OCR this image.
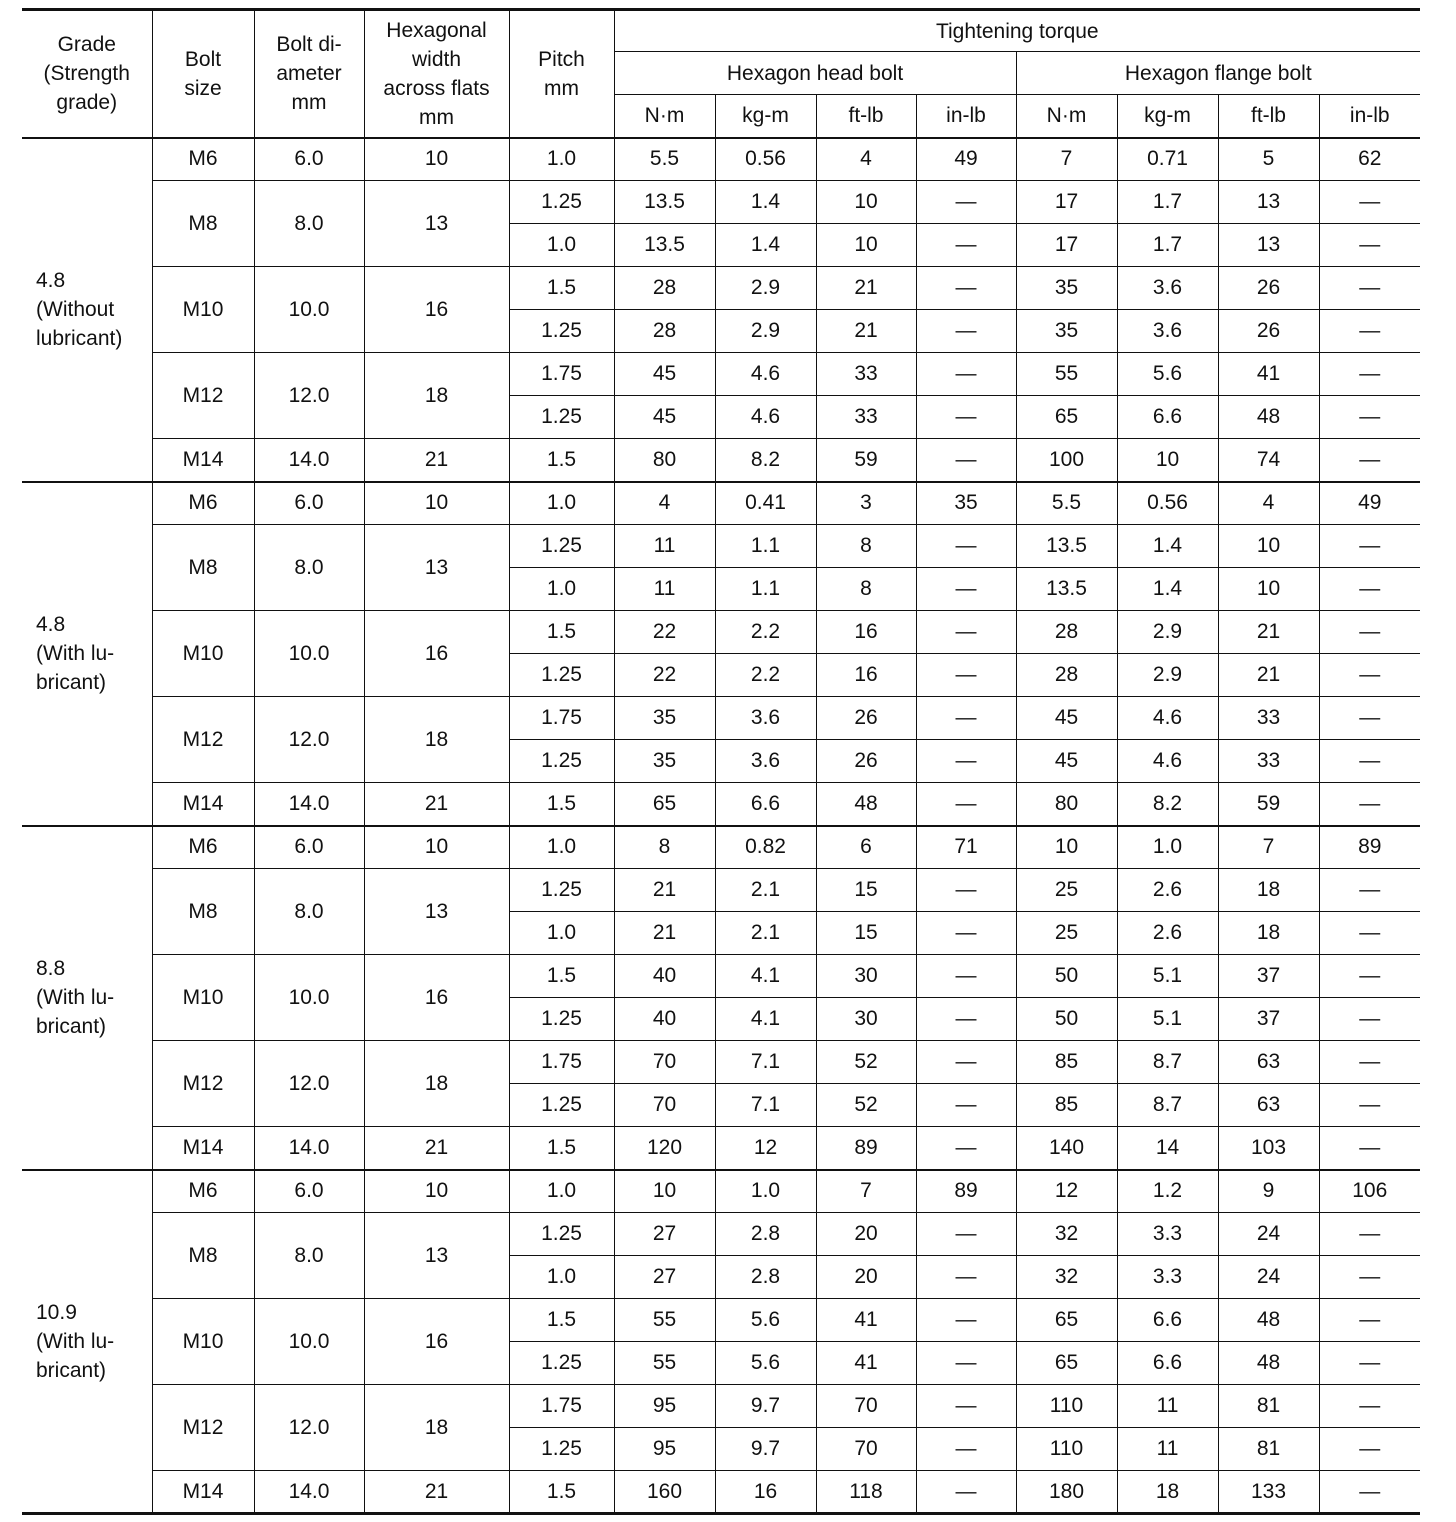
Grade
(Strength
grade)	Bolt
size	Bolt di-
ameter
mm	Hexagonal
width
across flats
mm	Pitch
mm	Tightening torque							
					Hexagon head bolt				Hexagon flange bolt			
					N·m	kg-m	ft-lb	in-lb	N·m	kg-m	ft-lb	in-lb

4.8
(Without
lubricant)	M6	6.0	10	1.0	5.5	0.56	4	49	7	0.71	5	62
	M8	8.0	13	1.25	13.5	1.4	10	—	17	1.7	13	—
				1.0	13.5	1.4	10	—	17	1.7	13	—
	M10	10.0	16	1.5	28	2.9	21	—	35	3.6	26	—
				1.25	28	2.9	21	—	35	3.6	26	—
	M12	12.0	18	1.75	45	4.6	33	—	55	5.6	41	—
				1.25	45	4.6	33	—	65	6.6	48	—
	M14	14.0	21	1.5	80	8.2	59	—	100	10	74	—

4.8
(With lu-
bricant)	M6	6.0	10	1.0	4	0.41	3	35	5.5	0.56	4	49
	M8	8.0	13	1.25	11	1.1	8	—	13.5	1.4	10	—
				1.0	11	1.1	8	—	13.5	1.4	10	—
	M10	10.0	16	1.5	22	2.2	16	—	28	2.9	21	—
				1.25	22	2.2	16	—	28	2.9	21	—
	M12	12.0	18	1.75	35	3.6	26	—	45	4.6	33	—
				1.25	35	3.6	26	—	45	4.6	33	—
	M14	14.0	21	1.5	65	6.6	48	—	80	8.2	59	—

8.8
(With lu-
bricant)	M6	6.0	10	1.0	8	0.82	6	71	10	1.0	7	89
	M8	8.0	13	1.25	21	2.1	15	—	25	2.6	18	—
				1.0	21	2.1	15	—	25	2.6	18	—
	M10	10.0	16	1.5	40	4.1	30	—	50	5.1	37	—
				1.25	40	4.1	30	—	50	5.1	37	—
	M12	12.0	18	1.75	70	7.1	52	—	85	8.7	63	—
				1.25	70	7.1	52	—	85	8.7	63	—
	M14	14.0	21	1.5	120	12	89	—	140	14	103	—

10.9
(With lu-
bricant)	M6	6.0	10	1.0	10	1.0	7	89	12	1.2	9	106
	M8	8.0	13	1.25	27	2.8	20	—	32	3.3	24	—
				1.0	27	2.8	20	—	32	3.3	24	—
	M10	10.0	16	1.5	55	5.6	41	—	65	6.6	48	—
				1.25	55	5.6	41	—	65	6.6	48	—
	M12	12.0	18	1.75	95	9.7	70	—	110	11	81	—
				1.25	95	9.7	70	—	110	11	81	—
	M14	14.0	21	1.5	160	16	118	—	180	18	133	—
